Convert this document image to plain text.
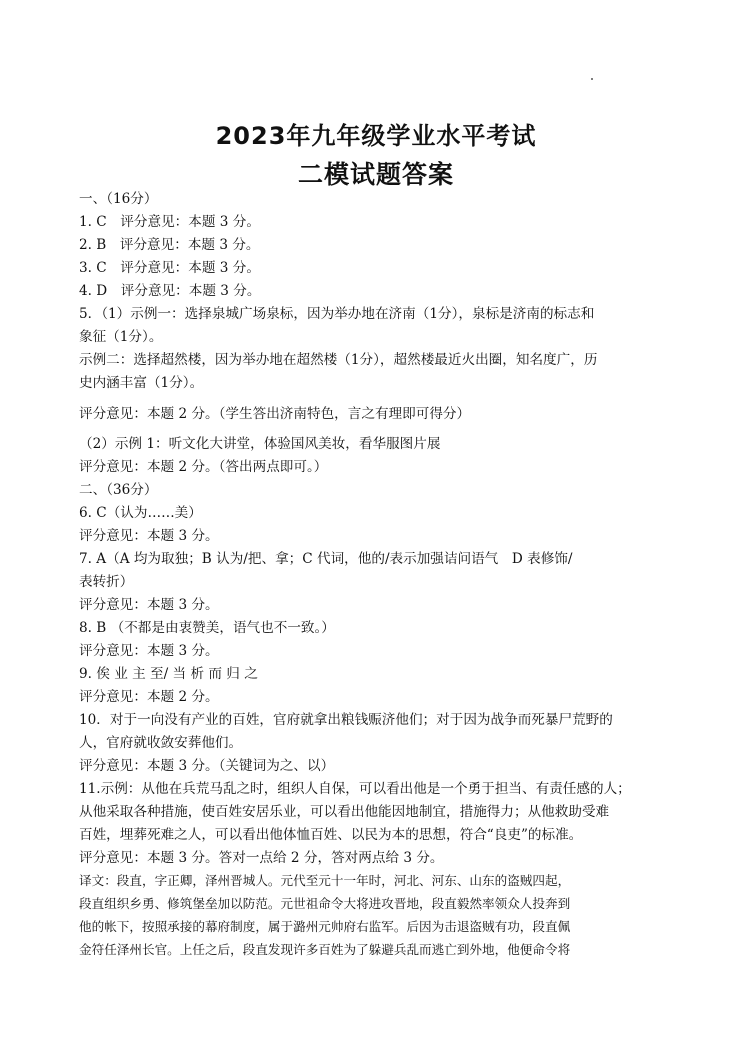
2023年九年级学业水平考试
二模试题答案
一、（16分）
1. C　评分意见：本题 3 分。
2. B　评分意见：本题 3 分。
3. C　评分意见：本题 3 分。
4. D　评分意见：本题 3 分。
5．（1）示例一：选择泉城广场泉标，因为举办地在济南（1分），泉标是济南的标志和
象征（1分）。
示例二：选择超然楼，因为举办地在超然楼（1分），超然楼最近火出圈，知名度广，历
史内涵丰富（1分）。
评分意见：本题 2 分。（学生答出济南特色，言之有理即可得分）
（2）示例 1：听文化大讲堂，体验国风美妆，看华服图片展
评分意见：本题 2 分。（答出两点即可。）
二、（36分）
6. C（认为……美）
评分意见：本题 3 分。
7. A（A 均为取独；B 认为/把、拿；C 代词，他的/表示加强诘问语气　D 表修饰/
表转折）
评分意见：本题 3 分。
8. B （不都是由衷赞美，语气也不一致。）
评分意见：本题 3 分。
9. 俟 业 主 至/ 当 析 而 归 之
评分意见：本题 2 分。
10．对于一向没有产业的百姓，官府就拿出粮钱赈济他们；对于因为战争而死暴尸荒野的
人，官府就收敛安葬他们。
评分意见：本题 3 分。（关键词为之、以）
11.示例：从他在兵荒马乱之时，组织人自保，可以看出他是一个勇于担当、有责任感的人；
从他采取各种措施，使百姓安居乐业，可以看出他能因地制宜，措施得力；从他救助受难
百姓，埋葬死难之人，可以看出他体恤百姓、以民为本的思想，符合“良吏”的标准。
评分意见：本题 3 分。答对一点给 2 分，答对两点给 3 分。
译文：段直，字正卿，泽州晋城人。元代至元十一年时，河北、河东、山东的盗贼四起，
段直组织乡勇、修筑堡垒加以防范。元世祖命令大将进攻晋地，段直毅然率领众人投奔到
他的帐下，按照承接的幕府制度，属于潞州元帅府右监军。后因为击退盗贼有功，段直佩
金符任泽州长官。上任之后，段直发现许多百姓为了躲避兵乱而逃亡到外地，他便命令将
